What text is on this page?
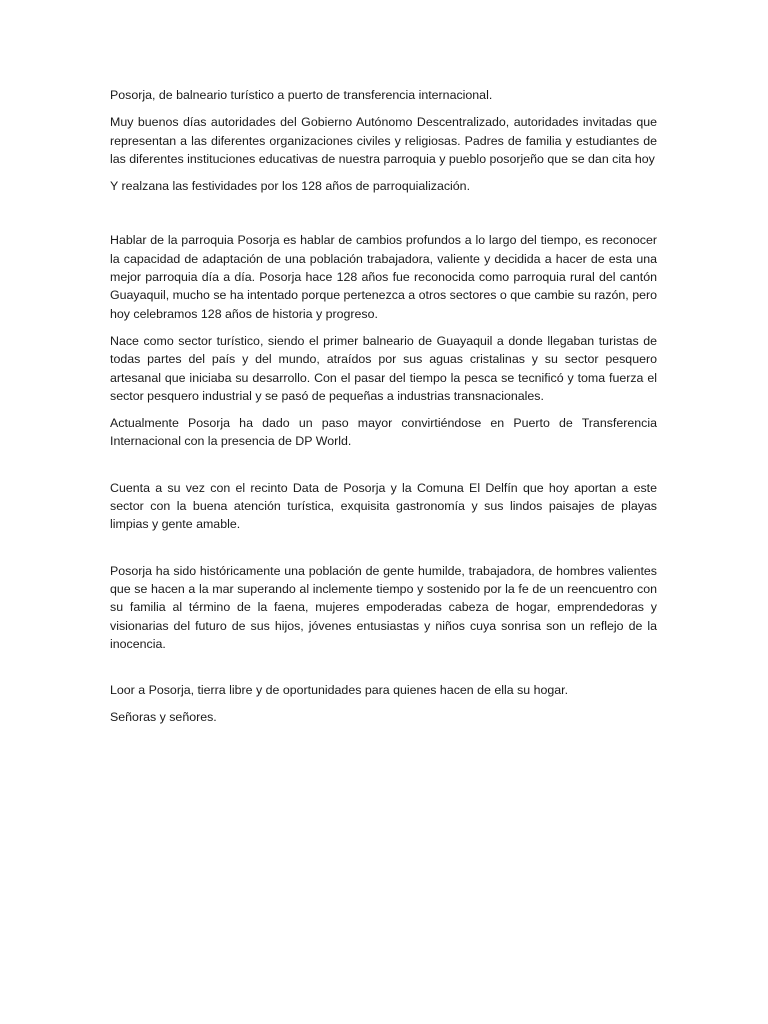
Posorja, de balneario turístico a puerto de transferencia internacional.

Muy buenos días autoridades del Gobierno Autónomo Descentralizado, autoridades invitadas que representan a las diferentes organizaciones civiles y religiosas. Padres de familia y estudiantes de las diferentes instituciones educativas de nuestra parroquia y pueblo posorjeño que se dan cita hoy

Y realzana las festividades por los 128 años de parroquialización.

Hablar de la parroquia Posorja es hablar de cambios profundos a lo largo del tiempo, es reconocer la capacidad de adaptación de una población trabajadora, valiente y decidida a hacer de esta una mejor parroquia día a día. Posorja hace 128 años fue reconocida como parroquia rural del cantón Guayaquil, mucho se ha intentado porque pertenezca a otros sectores o que cambie su razón, pero hoy celebramos 128 años de historia y progreso.

Nace como sector turístico, siendo el primer balneario de Guayaquil a donde llegaban turistas de todas partes del país y del mundo, atraídos por sus aguas cristalinas y su sector pesquero artesanal que iniciaba su desarrollo. Con el pasar del tiempo la pesca se tecnificó y toma fuerza el sector pesquero industrial y se pasó de pequeñas a industrias transnacionales.

Actualmente Posorja ha dado un paso mayor convirtiéndose en Puerto de Transferencia Internacional con la presencia de DP World.

Cuenta a su vez con el recinto Data de Posorja y la Comuna El Delfín que hoy aportan a este sector con la buena atención turística, exquisita gastronomía y sus lindos paisajes de playas limpias y gente amable.

Posorja ha sido históricamente una población de gente humilde, trabajadora, de hombres valientes que se hacen a la mar superando al inclemente tiempo y sostenido por la fe de un reencuentro con su familia al término de la faena, mujeres empoderadas cabeza de hogar, emprendedoras y visionarias del futuro de sus hijos, jóvenes entusiastas y niños cuya sonrisa son un reflejo de la inocencia.

Loor a Posorja, tierra libre y de oportunidades para quienes hacen de ella su hogar.

Señoras y señores.
